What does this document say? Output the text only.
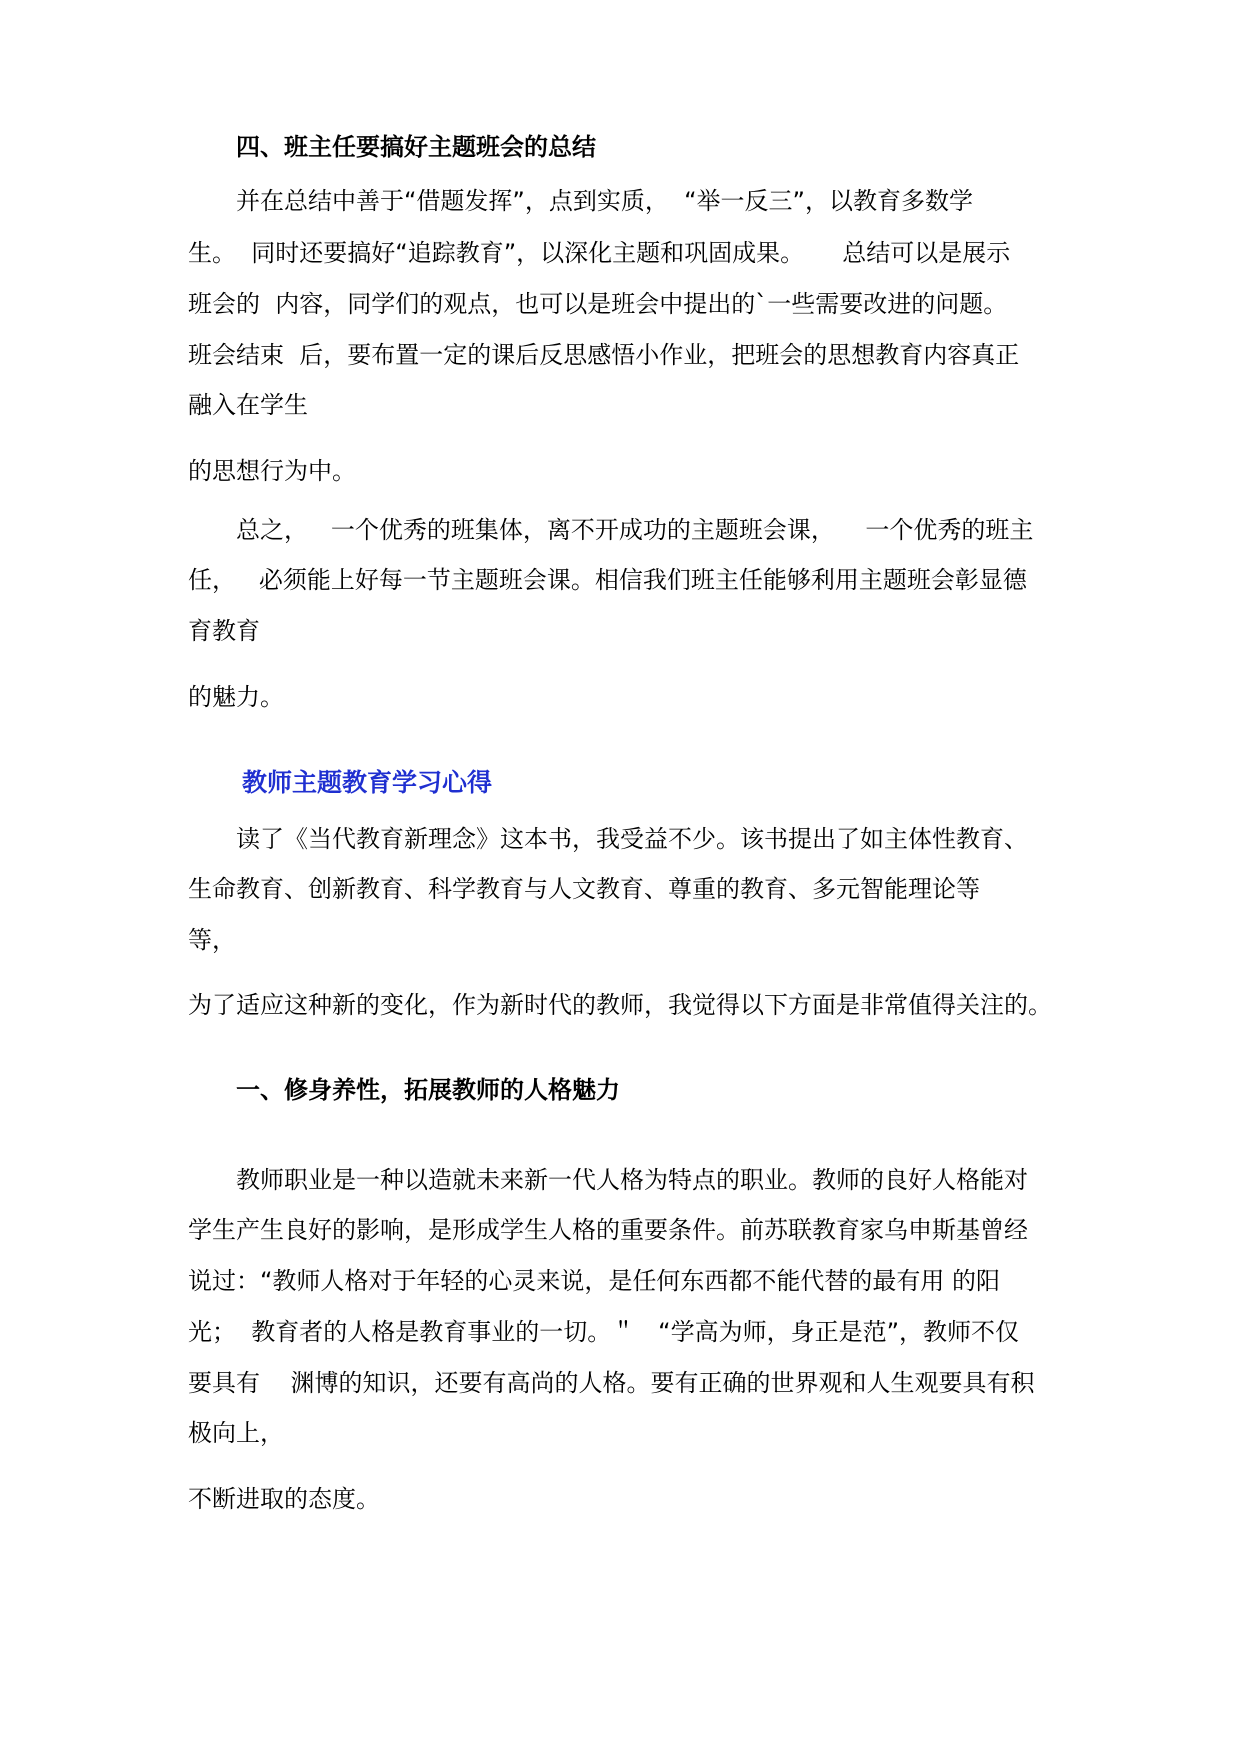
四、班主任要搞好主题班会的总结
并在总结中善于“借题发挥”，点到实质，  “举一反三”，以教育多数学
生。  同时还要搞好“追踪教育”，以深化主题和巩固成果。     总结可以是展示
班会的  内容，同学们的观点，也可以是班会中提出的`一些需要改进的问题。
班会结束  后，要布置一定的课后反思感悟小作业，把班会的思想教育内容真正
融入在学生
的思想行为中。
总之，   一个优秀的班集体，离不开成功的主题班会课，    一个优秀的班主
任，   必须能上好每一节主题班会课。相信我们班主任能够利用主题班会彰显德
育教育
的魅力。
教师主题教育学习心得
读了《当代教育新理念》这本书，我受益不少。该书提出了如主体性教育、
生命教育、创新教育、科学教育与人文教育、尊重的教育、多元智能理论等
等，
为了适应这种新的变化，作为新时代的教师，我觉得以下方面是非常值得关注的。
一、修身养性，拓展教师的人格魅力
教师职业是一种以造就未来新一代人格为特点的职业。教师的良好人格能对
学生产生良好的影响，是形成学生人格的重要条件。前苏联教育家乌申斯基曾经
说过：“教师人格对于年轻的心灵来说，是任何东西都不能代替的最有用 的阳
光；  教育者的人格是教育事业的一切。＂   “学高为师，身正是范”，教师不仅
要具有    渊博的知识，还要有高尚的人格。要有正确的世界观和人生观要具有积
极向上，
不断进取的态度。
